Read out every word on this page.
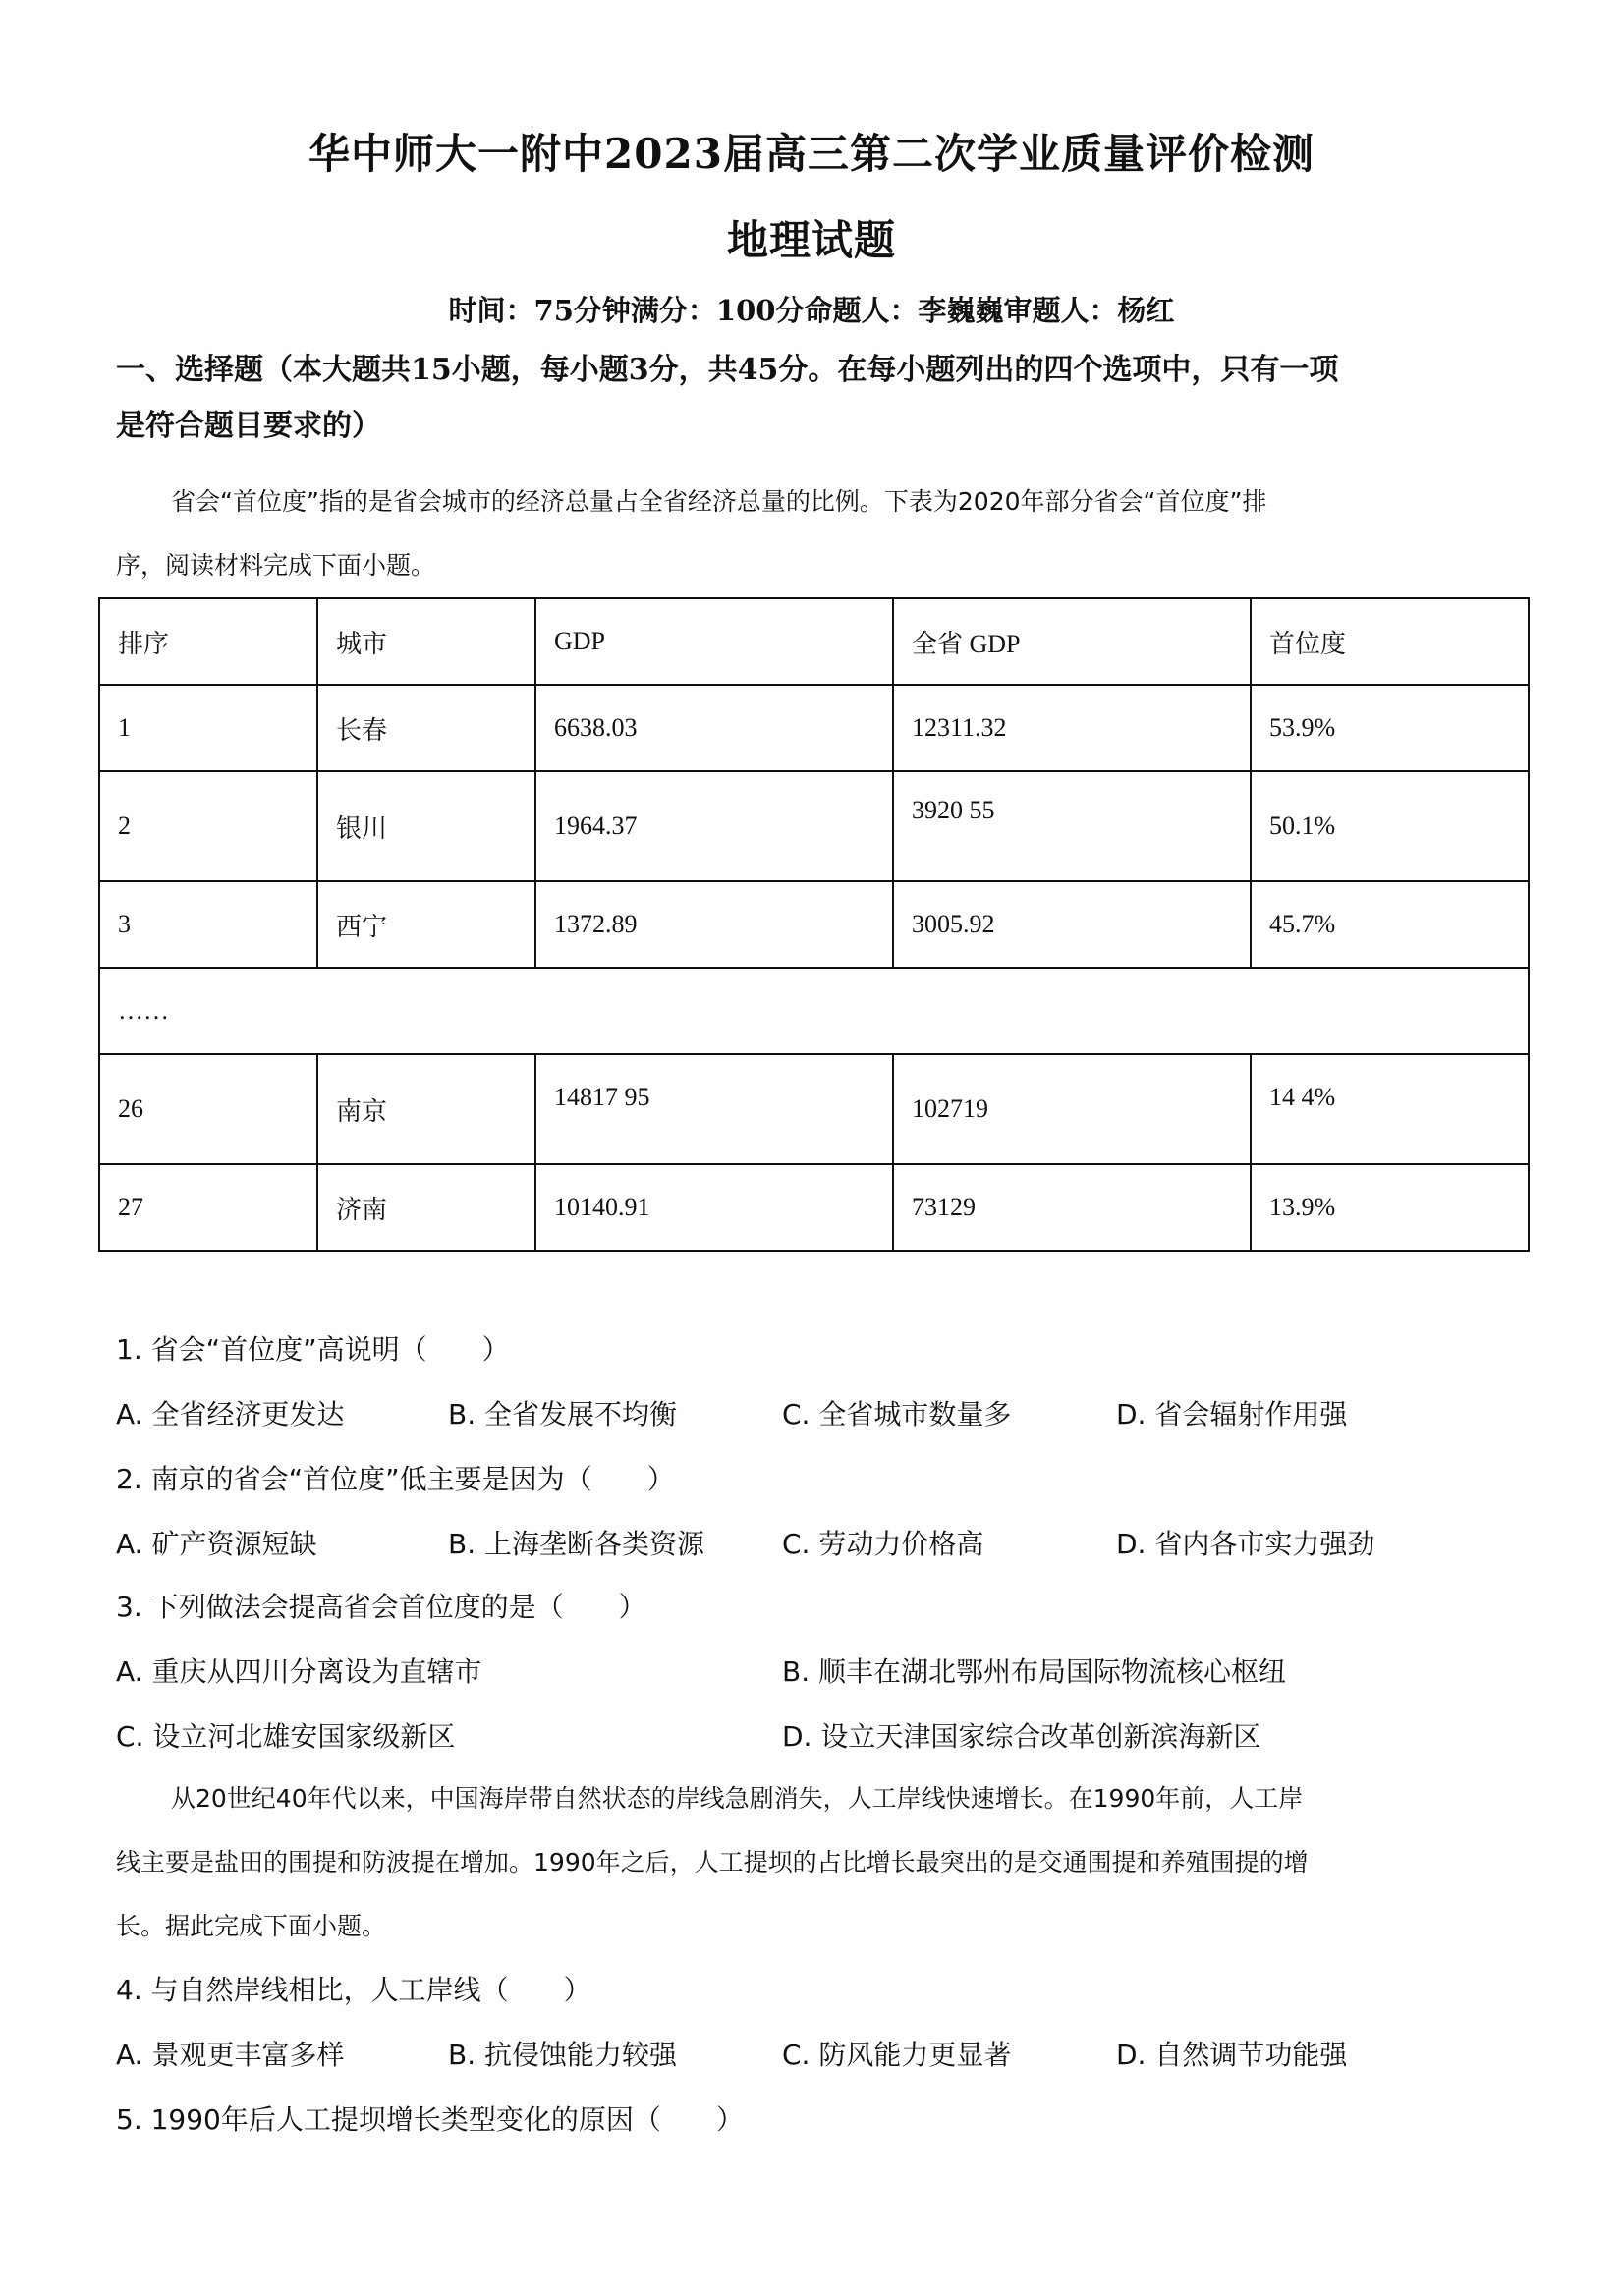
华中师大一附中2023届高三第二次学业质量评价检测
地理试题
时间：75分钟满分：100分命题人：李巍巍审题人：杨红
一、选择题（本大题共15小题，每小题3分，共45分。在每小题列出的四个选项中，只有一项
是符合题目要求的）
省会“首位度”指的是省会城市的经济总量占全省经济总量的比例。下表为2020年部分省会“首位度”排
序，阅读材料完成下面小题。
排序	城市	GDP	全省 GDP	首位度
1	长春	6638.03	12311.32	53.9%
2	银川	1964.37	3920 55	50.1%
3	西宁	1372.89	3005.92	45.7%
……				
26	南京	14817 95	102719	14 4%
27	济南	10140.91	73129	13.9%
1. 省会“首位度”高说明（　　）
A. 全省经济更发达	B. 全省发展不均衡	C. 全省城市数量多	D. 省会辐射作用强
2. 南京的省会“首位度”低主要是因为（　　）
A. 矿产资源短缺	B. 上海垄断各类资源	C. 劳动力价格高	D. 省内各市实力强劲
3. 下列做法会提高省会首位度的是（　　）
A. 重庆从四川分离设为直辖市	B. 顺丰在湖北鄂州布局国际物流核心枢纽
C. 设立河北雄安国家级新区	D. 设立天津国家综合改革创新滨海新区
从20世纪40年代以来，中国海岸带自然状态的岸线急剧消失，人工岸线快速增长。在1990年前，人工岸
线主要是盐田的围提和防波提在增加。1990年之后，人工提坝的占比增长最突出的是交通围提和养殖围提的增
长。据此完成下面小题。
4. 与自然岸线相比，人工岸线（　　）
A. 景观更丰富多样	B. 抗侵蚀能力较强	C. 防风能力更显著	D. 自然调节功能强
5. 1990年后人工提坝增长类型变化的原因（　　）
